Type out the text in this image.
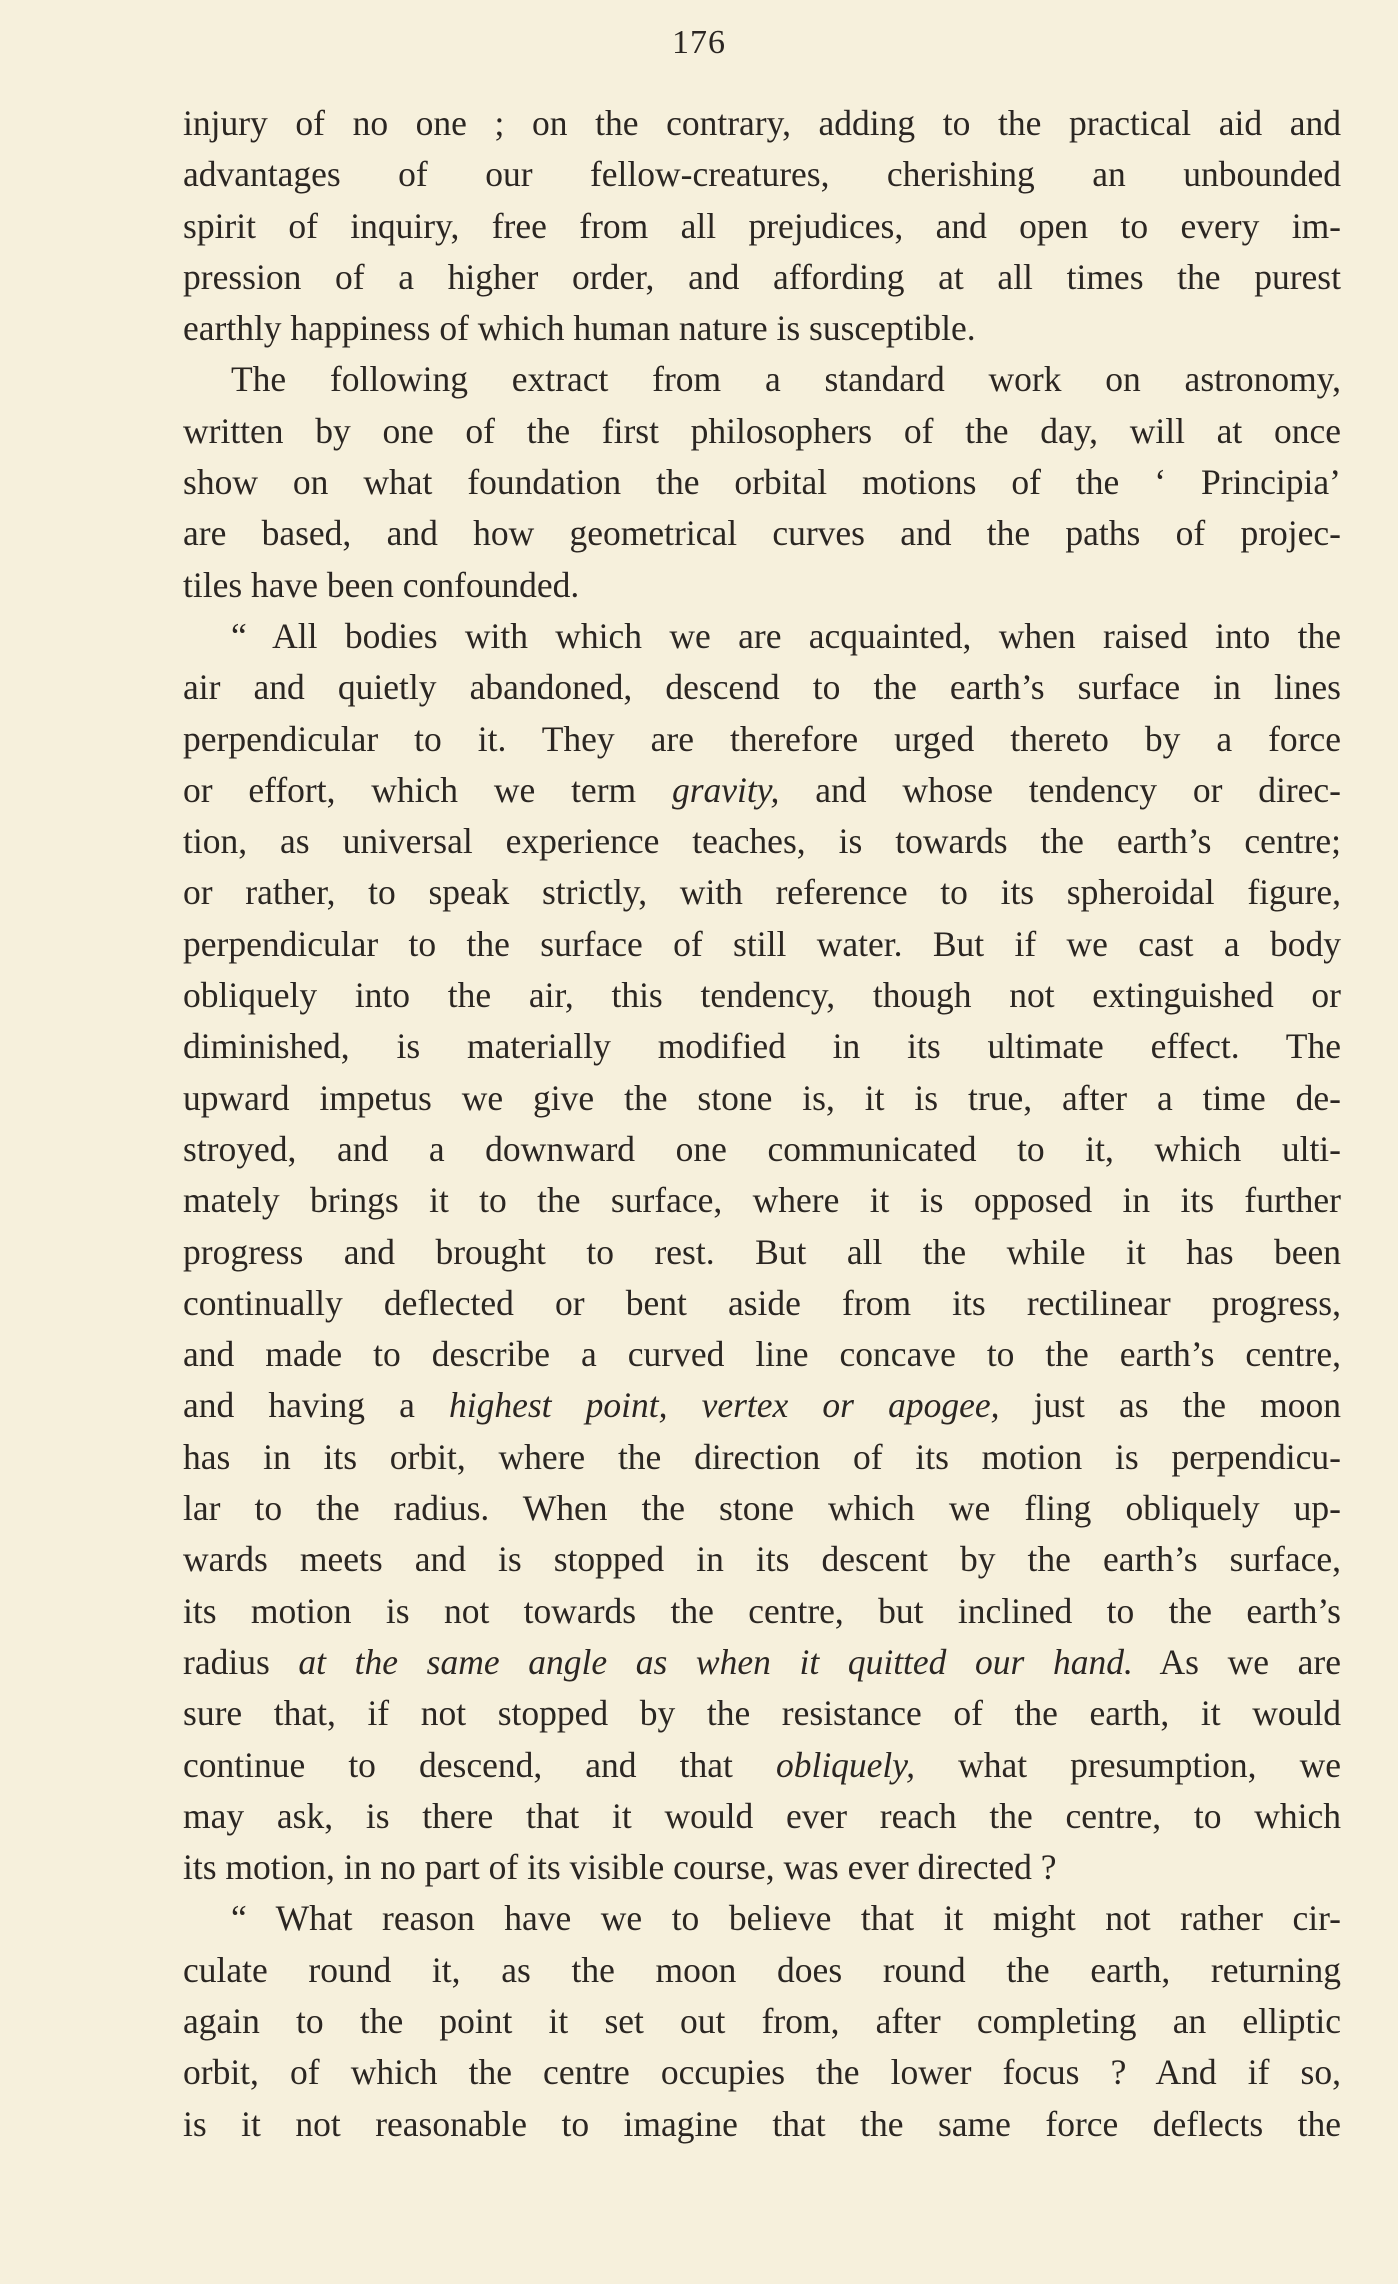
176
injury of no one ; on the contrary, adding to the practical aid and
advantages of our fellow-creatures, cherishing an unbounded
spirit of inquiry, free from all prejudices, and open to every im-
pression of a higher order, and affording at all times the purest
earthly happiness of which human nature is susceptible.
The following extract from a standard work on astronomy,
written by one of the first philosophers of the day, will at once
show on what foundation the orbital motions of the ‘ Principia’
are based, and how geometrical curves and the paths of projec-
tiles have been confounded.
“ All bodies with which we are acquainted, when raised into the
air and quietly abandoned, descend to the earth’s surface in lines
perpendicular to it. They are therefore urged thereto by a force
or effort, which we term gravity, and whose tendency or direc-
tion, as universal experience teaches, is towards the earth’s centre;
or rather, to speak strictly, with reference to its spheroidal figure,
perpendicular to the surface of still water. But if we cast a body
obliquely into the air, this tendency, though not extinguished or
diminished, is materially modified in its ultimate effect. The
upward impetus we give the stone is, it is true, after a time de-
stroyed, and a downward one communicated to it, which ulti-
mately brings it to the surface, where it is opposed in its further
progress and brought to rest. But all the while it has been
continually deflected or bent aside from its rectilinear progress,
and made to describe a curved line concave to the earth’s centre,
and having a highest point, vertex or apogee, just as the moon
has in its orbit, where the direction of its motion is perpendicu-
lar to the radius. When the stone which we fling obliquely up-
wards meets and is stopped in its descent by the earth’s surface,
its motion is not towards the centre, but inclined to the earth’s
radius at the same angle as when it quitted our hand. As we are
sure that, if not stopped by the resistance of the earth, it would
continue to descend, and that obliquely, what presumption, we
may ask, is there that it would ever reach the centre, to which
its motion, in no part of its visible course, was ever directed ?
“ What reason have we to believe that it might not rather cir-
culate round it, as the moon does round the earth, returning
again to the point it set out from, after completing an elliptic
orbit, of which the centre occupies the lower focus ? And if so,
is it not reasonable to imagine that the same force deflects the
